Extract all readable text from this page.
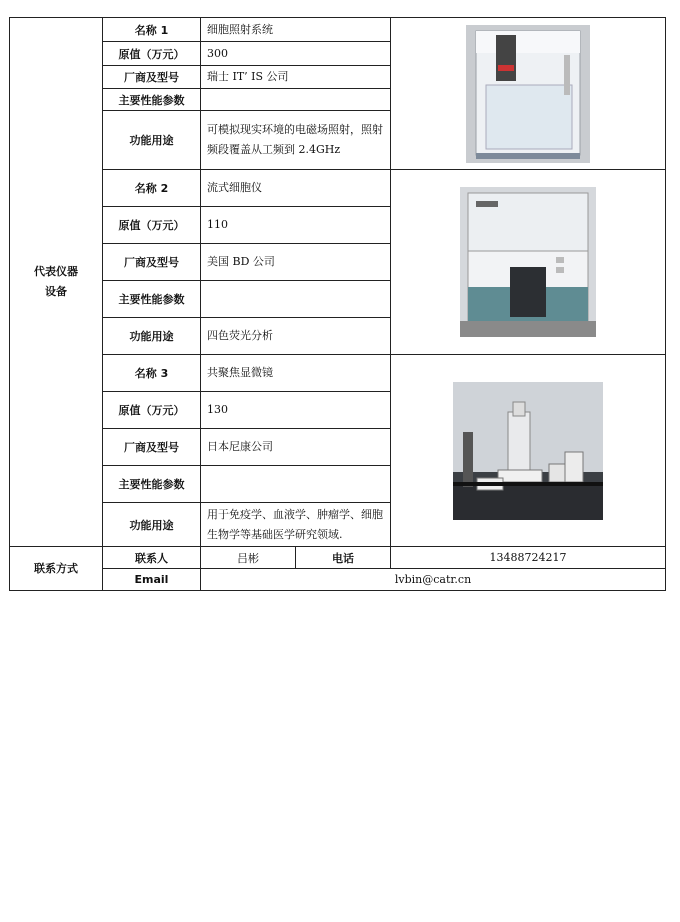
代表仪器设备	名称 1	细胞照射系统	

	原值（万元）	300		
	厂商及型号	瑞士 IT’ IS 公司		
	主要性能参数			
	功能用途	可模拟现实环境的电磁场照射，照射频段覆盖从工频到 2.4GHz		
	名称 2	流式细胞仪	

	原值（万元）	110		
	厂商及型号	美国 BD 公司		
	主要性能参数			
	功能用途	四色荧光分析		
	名称 3	共聚焦显微镜	

	原值（万元）	130		
	厂商及型号	日本尼康公司		
	主要性能参数			
	功能用途	用于免疫学、血液学、肿瘤学、细胞生物学等基础医学研究领域.		
联系方式	联系人	吕彬	电话	13488724217
	Email	lvbin@catr.cn		
